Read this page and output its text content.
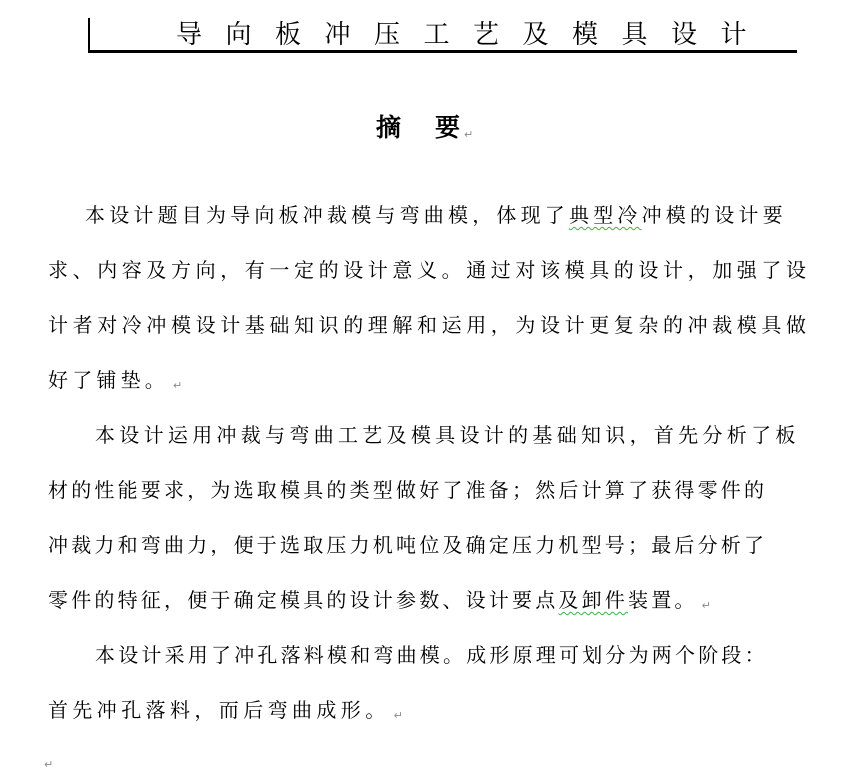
导向板冲压工艺及模具设计
摘 要 ↵
本设计题目为导向板冲裁模与弯曲模，体现了典型冷冲模的设计要
求、内容及方向，有一定的设计意义。通过对该模具的设计，加强了设
计者对冷冲模设计基础知识的理解和运用，为设计更复杂的冲裁模具做
好了铺垫。 ↵
本设计运用冲裁与弯曲工艺及模具设计的基础知识，首先分析了板
材的性能要求，为选取模具的类型做好了准备；然后计算了获得零件的
冲裁力和弯曲力，便于选取压力机吨位及确定压力机型号；最后分析了
零件的特征，便于确定模具的设计参数、设计要点及卸件装置。 ↵
本设计采用了冲孔落料模和弯曲模。成形原理可划分为两个阶段：
首先冲孔落料，而后弯曲成形。 ↵
↵
